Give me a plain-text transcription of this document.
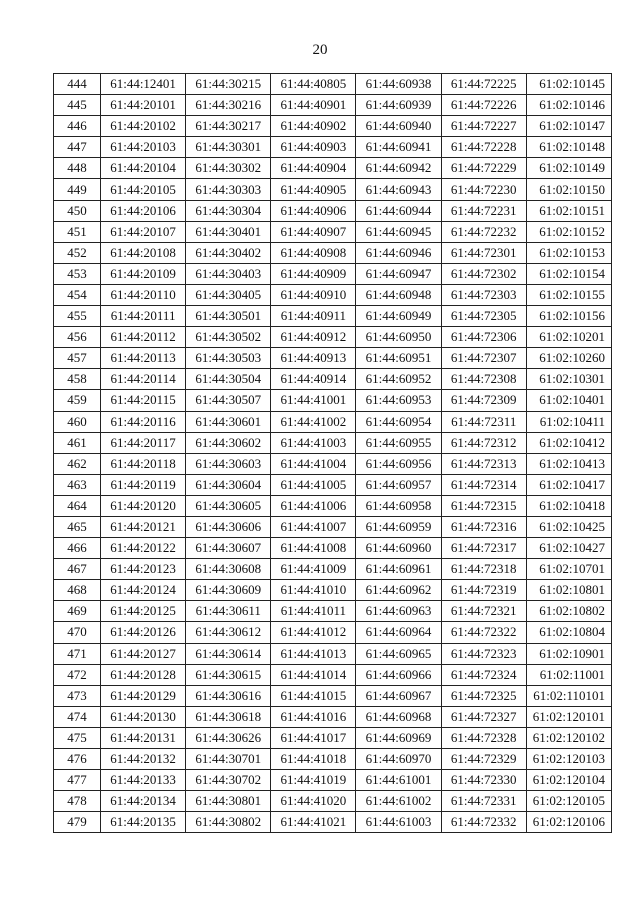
20
444	61:44:12401	61:44:30215	61:44:40805	61:44:60938	61:44:72225	61:02:10145
445	61:44:20101	61:44:30216	61:44:40901	61:44:60939	61:44:72226	61:02:10146
446	61:44:20102	61:44:30217	61:44:40902	61:44:60940	61:44:72227	61:02:10147
447	61:44:20103	61:44:30301	61:44:40903	61:44:60941	61:44:72228	61:02:10148
448	61:44:20104	61:44:30302	61:44:40904	61:44:60942	61:44:72229	61:02:10149
449	61:44:20105	61:44:30303	61:44:40905	61:44:60943	61:44:72230	61:02:10150
450	61:44:20106	61:44:30304	61:44:40906	61:44:60944	61:44:72231	61:02:10151
451	61:44:20107	61:44:30401	61:44:40907	61:44:60945	61:44:72232	61:02:10152
452	61:44:20108	61:44:30402	61:44:40908	61:44:60946	61:44:72301	61:02:10153
453	61:44:20109	61:44:30403	61:44:40909	61:44:60947	61:44:72302	61:02:10154
454	61:44:20110	61:44:30405	61:44:40910	61:44:60948	61:44:72303	61:02:10155
455	61:44:20111	61:44:30501	61:44:40911	61:44:60949	61:44:72305	61:02:10156
456	61:44:20112	61:44:30502	61:44:40912	61:44:60950	61:44:72306	61:02:10201
457	61:44:20113	61:44:30503	61:44:40913	61:44:60951	61:44:72307	61:02:10260
458	61:44:20114	61:44:30504	61:44:40914	61:44:60952	61:44:72308	61:02:10301
459	61:44:20115	61:44:30507	61:44:41001	61:44:60953	61:44:72309	61:02:10401
460	61:44:20116	61:44:30601	61:44:41002	61:44:60954	61:44:72311	61:02:10411
461	61:44:20117	61:44:30602	61:44:41003	61:44:60955	61:44:72312	61:02:10412
462	61:44:20118	61:44:30603	61:44:41004	61:44:60956	61:44:72313	61:02:10413
463	61:44:20119	61:44:30604	61:44:41005	61:44:60957	61:44:72314	61:02:10417
464	61:44:20120	61:44:30605	61:44:41006	61:44:60958	61:44:72315	61:02:10418
465	61:44:20121	61:44:30606	61:44:41007	61:44:60959	61:44:72316	61:02:10425
466	61:44:20122	61:44:30607	61:44:41008	61:44:60960	61:44:72317	61:02:10427
467	61:44:20123	61:44:30608	61:44:41009	61:44:60961	61:44:72318	61:02:10701
468	61:44:20124	61:44:30609	61:44:41010	61:44:60962	61:44:72319	61:02:10801
469	61:44:20125	61:44:30611	61:44:41011	61:44:60963	61:44:72321	61:02:10802
470	61:44:20126	61:44:30612	61:44:41012	61:44:60964	61:44:72322	61:02:10804
471	61:44:20127	61:44:30614	61:44:41013	61:44:60965	61:44:72323	61:02:10901
472	61:44:20128	61:44:30615	61:44:41014	61:44:60966	61:44:72324	61:02:11001
473	61:44:20129	61:44:30616	61:44:41015	61:44:60967	61:44:72325	61:02:110101
474	61:44:20130	61:44:30618	61:44:41016	61:44:60968	61:44:72327	61:02:120101
475	61:44:20131	61:44:30626	61:44:41017	61:44:60969	61:44:72328	61:02:120102
476	61:44:20132	61:44:30701	61:44:41018	61:44:60970	61:44:72329	61:02:120103
477	61:44:20133	61:44:30702	61:44:41019	61:44:61001	61:44:72330	61:02:120104
478	61:44:20134	61:44:30801	61:44:41020	61:44:61002	61:44:72331	61:02:120105
479	61:44:20135	61:44:30802	61:44:41021	61:44:61003	61:44:72332	61:02:120106
